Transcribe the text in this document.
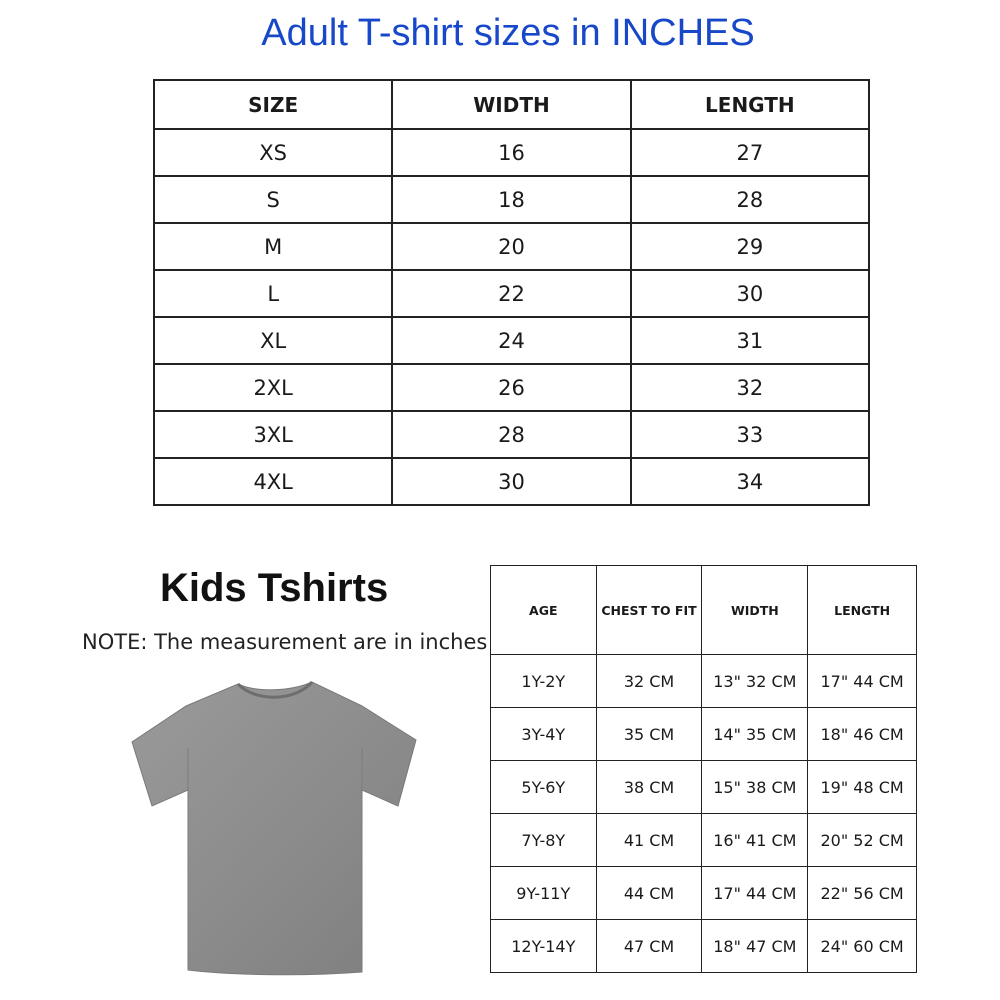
Adult T-shirt sizes in INCHES
SIZE	WIDTH	LENGTH
XS	16	27
S	18	28
M	20	29
L	22	30
XL	24	31
2XL	26	32
3XL	28	33
4XL	30	34
Kids Tshirts
NOTE: The measurement are in inches
AGE	CHEST TO FIT	WIDTH	LENGTH
1Y-2Y	32 CM	13" 32 CM	17" 44 CM
3Y-4Y	35 CM	14" 35 CM	18" 46 CM
5Y-6Y	38 CM	15" 38 CM	19" 48 CM
7Y-8Y	41 CM	16" 41 CM	20" 52 CM
9Y-11Y	44 CM	17" 44 CM	22" 56 CM
12Y-14Y	47 CM	18" 47 CM	24" 60 CM
